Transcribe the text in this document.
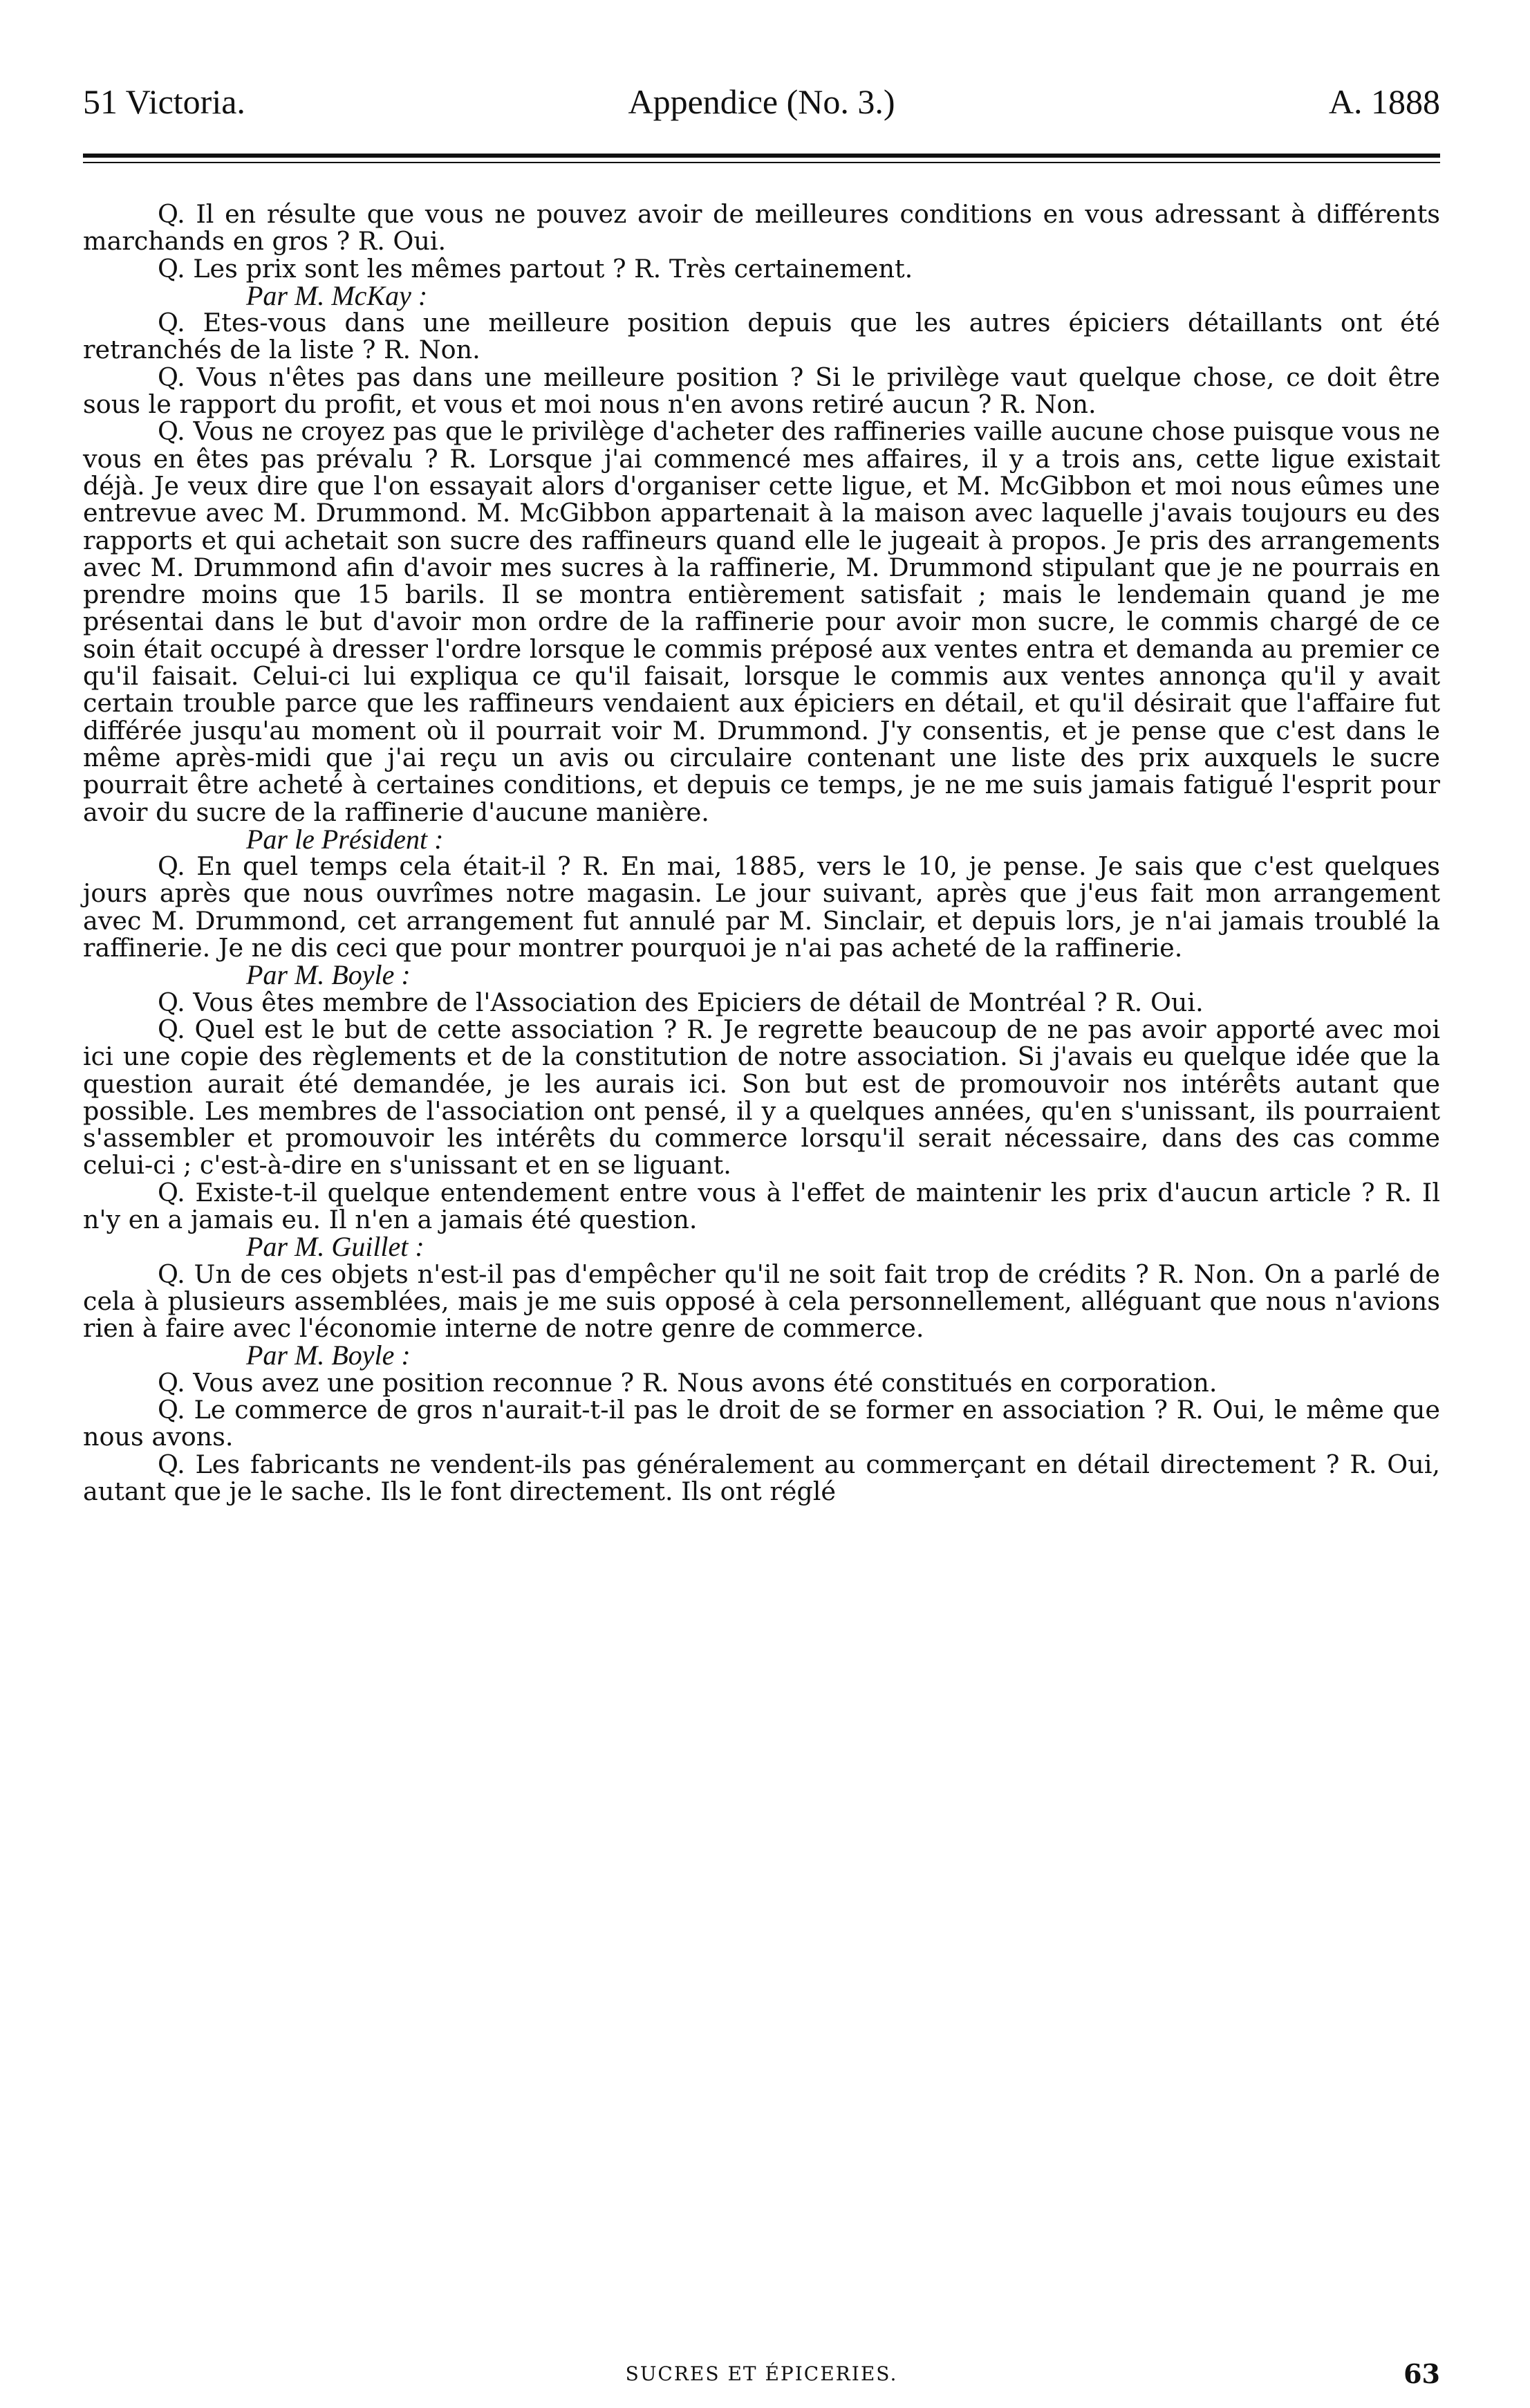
51 Victoria.	Appendice (No. 3.)	A. 1888

Q. Il en résulte que vous ne pouvez avoir de meilleures conditions en vous adressant à différents marchands en gros ? R. Oui.

Q. Les prix sont les mêmes partout ? R. Très certainement.

Par M. McKay :

Q. Etes-vous dans une meilleure position depuis que les autres épiciers détaillants ont été retranchés de la liste ? R. Non.

Q. Vous n'êtes pas dans une meilleure position ? Si le privilège vaut quelque chose, ce doit être sous le rapport du profit, et vous et moi nous n'en avons retiré aucun ? R. Non.

Q. Vous ne croyez pas que le privilège d'acheter des raffineries vaille aucune chose puisque vous ne vous en êtes pas prévalu ? R. Lorsque j'ai commencé mes affaires, il y a trois ans, cette ligue existait déjà. Je veux dire que l'on essayait alors d'organiser cette ligue, et M. McGibbon et moi nous eûmes une entrevue avec M. Drummond. M. McGibbon appartenait à la maison avec laquelle j'avais toujours eu des rapports et qui achetait son sucre des raffineurs quand elle le jugeait à propos. Je pris des arrangements avec M. Drummond afin d'avoir mes sucres à la raffinerie, M. Drummond stipulant que je ne pourrais en prendre moins que 15 barils. Il se montra entièrement satisfait ; mais le lendemain quand je me présentai dans le but d'avoir mon ordre de la raffinerie pour avoir mon sucre, le commis chargé de ce soin était occupé à dresser l'ordre lorsque le commis préposé aux ventes entra et demanda au premier ce qu'il faisait. Celui-ci lui expliqua ce qu'il faisait, lorsque le commis aux ventes annonça qu'il y avait certain trouble parce que les raffineurs vendaient aux épiciers en détail, et qu'il désirait que l'affaire fut différée jusqu'au moment où il pourrait voir M. Drummond. J'y consentis, et je pense que c'est dans le même après-midi que j'ai reçu un avis ou circulaire contenant une liste des prix auxquels le sucre pourrait être acheté à certaines conditions, et depuis ce temps, je ne me suis jamais fatigué l'esprit pour avoir du sucre de la raffinerie d'aucune manière.

Par le Président :

Q. En quel temps cela était-il ? R. En mai, 1885, vers le 10, je pense. Je sais que c'est quelques jours après que nous ouvrîmes notre magasin. Le jour suivant, après que j'eus fait mon arrangement avec M. Drummond, cet arrangement fut annulé par M. Sinclair, et depuis lors, je n'ai jamais troublé la raffinerie. Je ne dis ceci que pour montrer pourquoi je n'ai pas acheté de la raffinerie.

Par M. Boyle :

Q. Vous êtes membre de l'Association des Epiciers de détail de Montréal ? R. Oui.

Q. Quel est le but de cette association ? R. Je regrette beaucoup de ne pas avoir apporté avec moi ici une copie des règlements et de la constitution de notre association. Si j'avais eu quelque idée que la question aurait été demandée, je les aurais ici. Son but est de promouvoir nos intérêts autant que possible. Les membres de l'association ont pensé, il y a quelques années, qu'en s'unissant, ils pourraient s'assembler et promouvoir les intérêts du commerce lorsqu'il serait nécessaire, dans des cas comme celui-ci ; c'est-à-dire en s'unissant et en se liguant.

Q. Existe-t-il quelque entendement entre vous à l'effet de maintenir les prix d'aucun article ? R. Il n'y en a jamais eu. Il n'en a jamais été question.

Par M. Guillet :

Q. Un de ces objets n'est-il pas d'empêcher qu'il ne soit fait trop de crédits ? R. Non. On a parlé de cela à plusieurs assemblées, mais je me suis opposé à cela personnellement, alléguant que nous n'avions rien à faire avec l'économie interne de notre genre de commerce.

Par M. Boyle :

Q. Vous avez une position reconnue ? R. Nous avons été constitués en corporation.

Q. Le commerce de gros n'aurait-t-il pas le droit de se former en association ? R. Oui, le même que nous avons.

Q. Les fabricants ne vendent-ils pas généralement au commerçant en détail directement ? R. Oui, autant que je le sache. Ils le font directement. Ils ont réglé

SUCRES ET ÉPICERIES.	63
